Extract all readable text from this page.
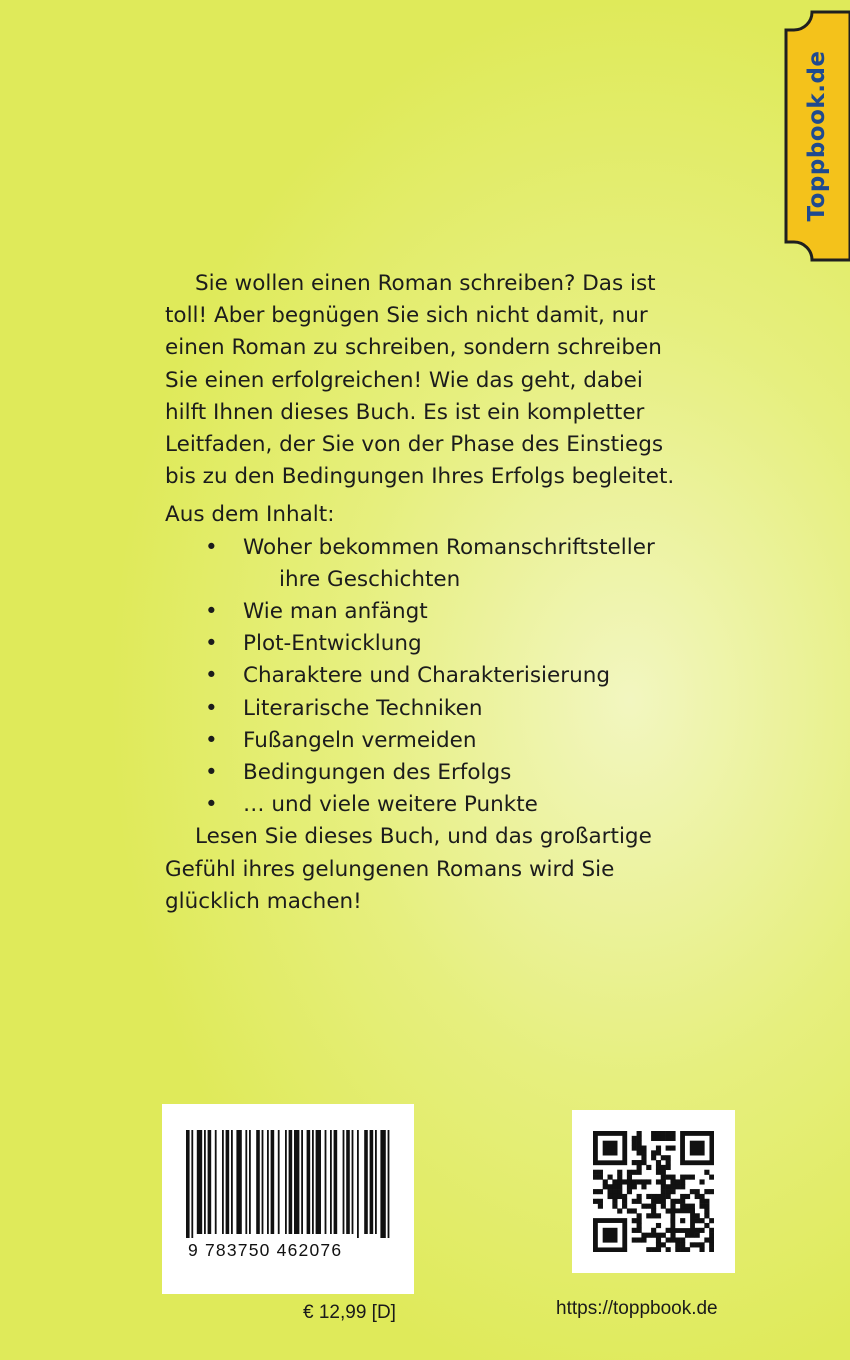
Toppbook.de

Sie wollen einen Roman schreiben? Das ist toll! Aber begnügen Sie sich nicht damit, nur einen Roman zu schreiben, sondern schreiben Sie einen erfolgreichen! Wie das geht, dabei hilft Ihnen dieses Buch. Es ist ein kompletter Leitfaden, der Sie von der Phase des Einstiegs bis zu den Bedingungen Ihres Erfolgs begleitet.

Aus dem Inhalt:

• Woher bekommen Romanschriftsteller
ihre Geschichten
• Wie man anfängt
• Plot-Entwicklung
• Charaktere und Charakterisierung
• Literarische Techniken
• Fußangeln vermeiden
• Bedingungen des Erfolgs
• … und viele weitere Punkte

Lesen Sie dieses Buch, und das großartige Gefühl ihres gelungenen Romans wird Sie glücklich machen!

9 783750 462076
€ 12,99 [D]	https://toppbook.de
